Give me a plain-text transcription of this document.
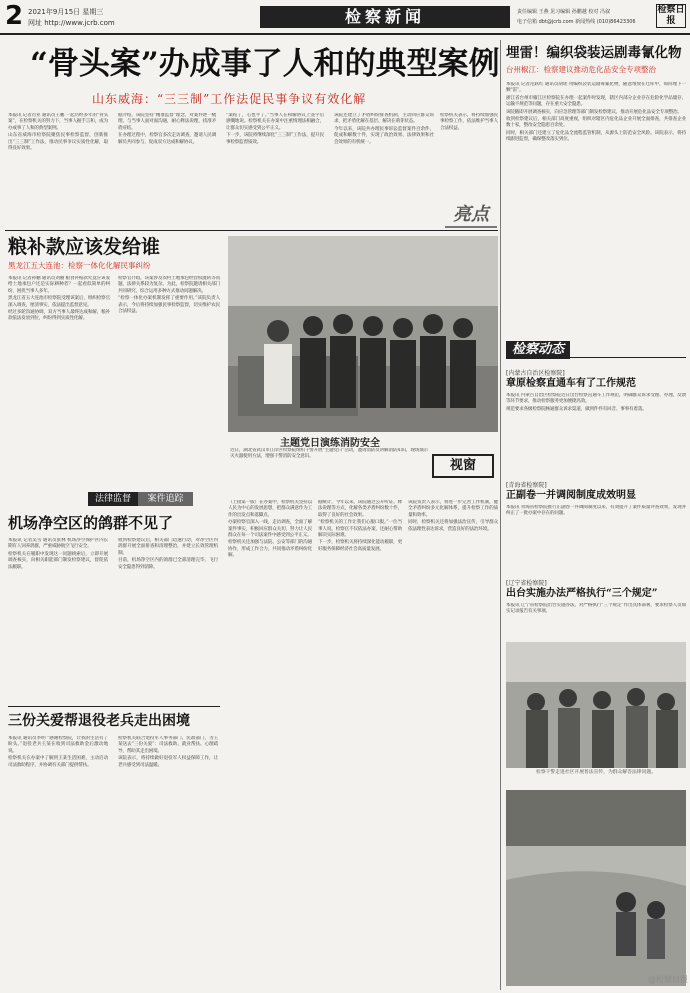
2 2021年9月15日 星期三
网址 http://www.jcrb.com	检察新闻	责任编辑 王燕 见习编辑 孙鹏越 校对 冯叙
电子信箱 dbt@jcrb.com 新闻热线 (010)86423306
检察日报
“骨头案”办成事了人和的典型案例
山东威海：“三三制”工作法促民事争议有效化解

本报讯 记者肖亚 通讯员王鹏 一起历经多年的“骨头案”，在检察机关的努力下，当事人握手言和，成为办成事了人和的典型案例。

山东省威海市检察院聚焦民事检察监督，创新推出“三三制”工作法，推动民事争议实质性化解，取得良好效果。

据介绍，该院坚持“精准监督”理念，对案件逐一梳理，与当事人面对面沟通，耐心释法说理，找准矛盾症结。

在办理过程中，检察官多次走访调查，邀请人民调解员共同参与，促成双方达成和解协议。

“案结了，心也平了。”当事人在和解协议上签字后感慨地说。检察机关在办案中注重情理法相融合，让群众切实感受到公平正义。

下一步，该院将继续深化“三三制”工作法，提升民事检察监督质效。

该院还建立了矛盾纠纷排查机制，主动回应群众诉求，把矛盾化解在基层、解决在萌芽状态。

今年以来，该院共办理民事诉讼监督案件百余件，促成和解数十件，实现了政治效果、法律效果和社会效果的有机统一。

检察机关表示，将持续加强民事检察工作，依法维护当事人合法权益。

亮点
粮补款应该发给谁
黑龙江五大连池：检察一体化化解民事纠纷

本报讯 记者孙鹏 通讯员刘丽 粮食补贴款究竟应该发给土地承包户还是实际耕种者？一起看似简单的纠纷，困扰当事人多年。

黑龙江省五大连池市检察院受理该案后，组织检察官深入调查，厘清事实，依法提出监督意见。

经过多轮沟通协调，双方当事人最终达成和解，粮补款依法发放到位，纠纷得到实质性化解。

检察官介绍，该案涉及农村土地承包经营权流转等问题，法律关系较为复杂。为此，检察院邀请相关部门共同研究，综合运用多种方式推动问题解决。

“检察一体化办案机制发挥了重要作用。”该院负责人表示，今后将持续加强民事检察监督，切实维护农民合法权益。

主题党日演练消防安全
近日，湖北省武汉市江岸区检察院组织干警开展“主题党日”活动，邀请消防员讲解消防知识，现场演示灭火器使用方法，增强干警消防安全意识。
视窗
法律监督	案件追踪
机场净空区的鸽群不见了

本报讯 记者吴雪 通讯员张林 机场净空保护区内长期有人饲养鸽群，严重威胁航空飞行安全。

检察机关在履职中发现这一问题线索后，立即开展调查核实，向相关职能部门制发检察建议，督促依法履职。

收到检察建议后，相关部门迅速行动，对净空区内鸽群开展全面排查和清理整治，并建立长效管理机制。

目前，机场净空区内的鸽群已全部清理完毕，飞行安全隐患得到消除。

（上接第一版）在办案中，检察机关坚持以人民为中心的发展思想，把群众满意作为工作的出发点和落脚点。

办案检察官深入一线，走访调查，全面了解案件事实，积极回应群众关切，努力让人民群众在每一个司法案件中感受到公平正义。

检察机关还加强与法院、公安等部门的沟通协作，形成工作合力，共同推动矛盾纠纷化解。

据统计，今年以来，该院通过公开听证、释法说理等方式，化解各类矛盾纠纷数十件，取得了良好的社会效果。

“检察机关的工作让我们心服口服。”一位当事人说，检察官不仅依法办案，还耐心帮助解决实际困难。

下一步，检察机关将持续深化能动履职，更好服务保障经济社会高质量发展。

该院负责人表示，将进一步完善工作机制，健全矛盾纠纷多元化解体系，提升检察工作的质量和效率。

同时，检察机关还将加强法治宣传，引导群众依法理性表达诉求，营造良好的法治环境。

三份关爱帮退役老兵走出困境

本报讯 通讯员李明 “感谢检察院，让我的生活有了盼头。”退役老兵王某在收到司法救助金后激动地说。

检察机关在办案中了解到王某生活困难，主动启动司法救助程序，并协调有关部门提供帮扶。

检察机关联合退役军人事务部门、民政部门，为王某送去“三份关爱”：司法救助、就业帮扶、心理疏导，帮助其走出困境。

该院表示，将持续做好退役军人权益保障工作，让老兵感受到司法温暖。

埋雷！编织袋装运剧毒氰化物
台州椒江：检察建议推动危化品安全专项整治

本报讯 记者范跃红 通讯员胡瑶 用编织袋装运剧毒氰化物，随意堆放在仓库中，如同埋下一颗“雷”。

浙江省台州市椒江区检察院在办理一起案件时发现，辖区内部分企业存在危险化学品储存、运输不规范等问题，存在重大安全隐患。

该院随即开展调查核实，向应急管理等部门制发检察建议，推动开展危化品安全专项整治。

收到检察建议后，相关部门高度重视，组织对辖区内危化品企业开展全面排查，共排查企业数十家，整改安全隐患百余处。

同时，相关部门还建立了危化品全流程监管机制，从源头上防范安全风险。该院表示，将持续跟进监督，确保整改落实到位。

检察动态
[内蒙古自治区检察院]
章原检察直通车有了工作规范

本报讯 内蒙古自治区检察院近日出台检察直通车工作规范，明确群众诉求受理、办理、反馈等环节要求，推动检察服务更加便捷高效。

规范要求各级检察院畅通群众诉求渠道，做到件件有回音、事事有着落。

[青海省检察院]
正副卷一并调阅制度成效明显

本报讯 青海省检察院推行正副卷一并调阅制度以来，有效提升了案件质量评查效果，发现并纠正了一批办案中存在的问题。

[辽宁省检察院]
出台实施办法严格执行“三个规定”

本报讯 辽宁省检察院出台实施办法，对严格执行“三个规定”作出具体部署，要求检察人员如实记录报告有关事项。

检察干警走进社区开展普法宣传，为群众解答法律问题。
@检察日报
